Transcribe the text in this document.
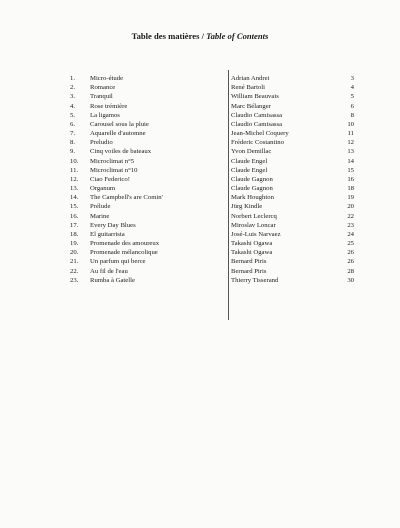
Table des matières / Table of Contents
1. Micro-étude	Adrian Andrei	3
2. Romance	René Bartoli	4
3. Tranquil	William Beauvais	5
4. Rose trémière	Marc Bélanger	6
5. La ligamos	Claudio Camisassa	8
6. Carousel sous la pluie	Claudio Camisassa	10
7. Aquarelle d'automne	Jean-Michel Coquery	11
8. Preludio	Fréderic Costantino	12
9. Cinq voiles de bateaux	Yvon Demillac	13
10. Microclimat n°5	Claude Engel	14
11. Microclimat n°10	Claude Engel	15
12. Ciao Federico!	Claude Gagnon	16
13. Organum	Claude Gagnon	18
14. The Campbell's are Comin'	Mark Houghton	19
15. Prélude	Jürg Kindle	20
16. Marine	Norbert Leclercq	22
17. Every Day Blues	Miroslav Loncar	23
18. El guitarrista	José-Luis Narvaez	24
19. Promenade des amoureux	Takashi Ogawa	25
20. Promenade mélancolique	Takashi Ogawa	26
21. Un parfum qui berce	Bernard Piris	26
22. Au fil de l'eau	Bernard Piris	28
23. Rumba à Gatelle	Thierry Tisserand	30
